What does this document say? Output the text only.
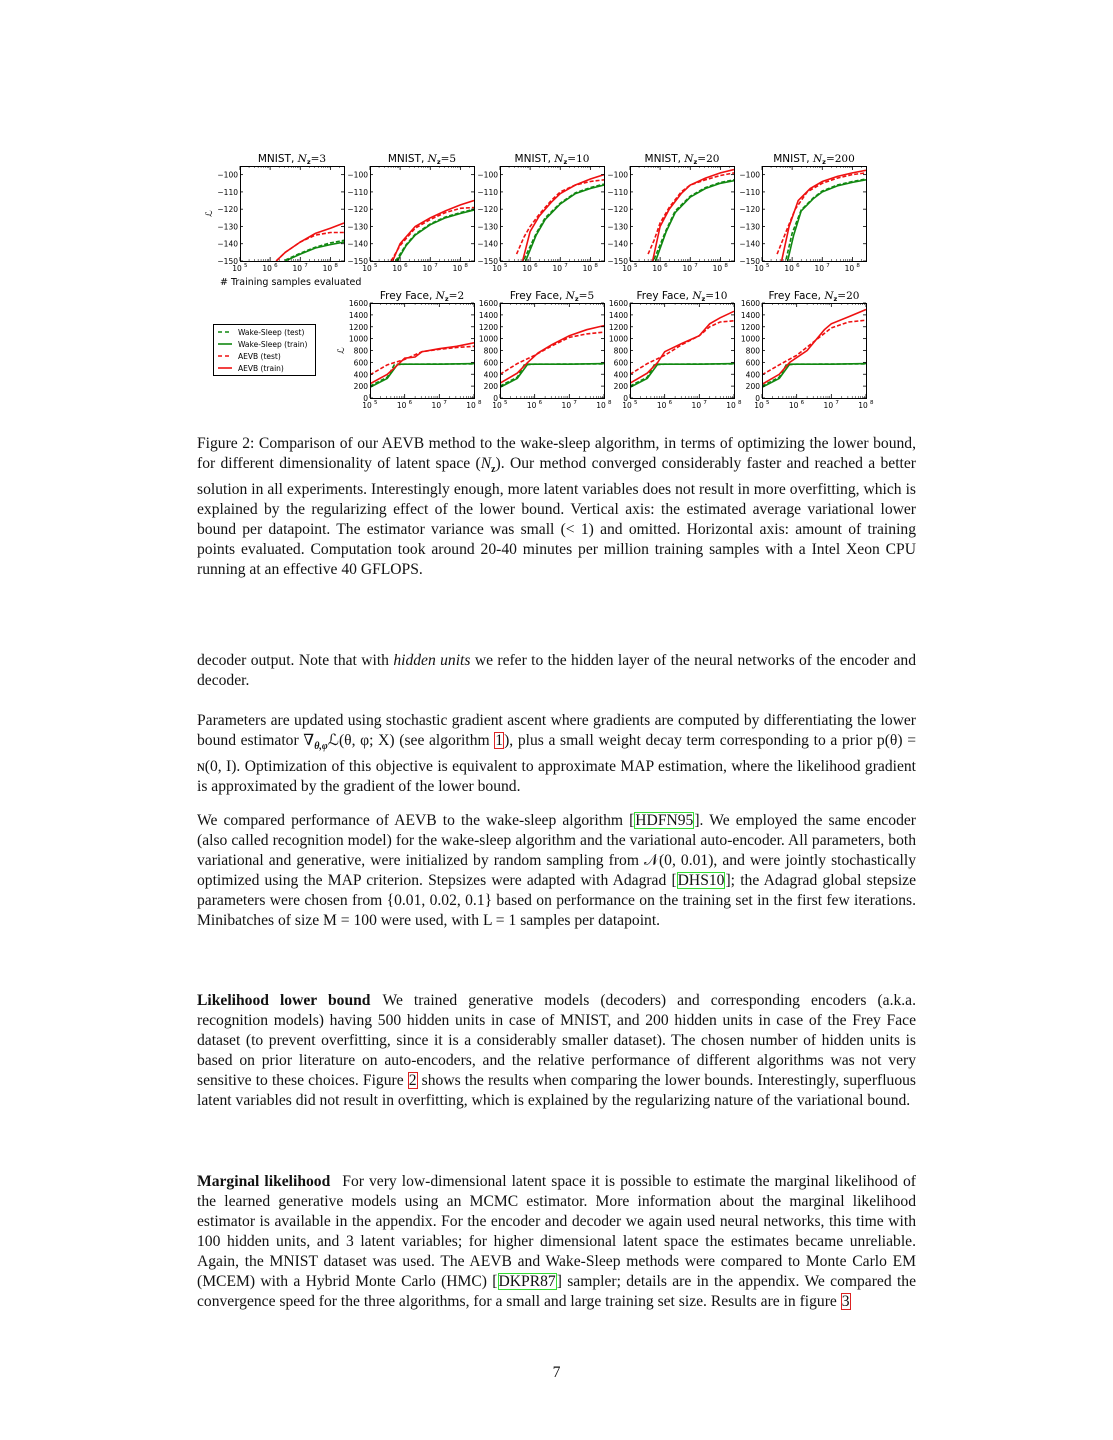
MNIST, Nz=3
−100
−110
−120
−130
−140
−150
10 5 10 6 10 7 10 8
ℒ
MNIST, Nz=5
−100
−110
−120
−130
−140
−150
10 5 10 6 10 7 10 8
MNIST, Nz=10
−100
−110
−120
−130
−140
−150
10 5 10 6 10 7 10 8
MNIST, Nz=20
−100
−110
−120
−130
−140
−150
10 5 10 6 10 7 10 8
MNIST, Nz=200
−100
−110
−120
−130
−140
−150
10 5 10 6 10 7 10 8
Frey Face, Nz=2
1600
1400
1200
1000
800
600
400
200
0
10 5	10 6	10 7	10 8
ℒ
Frey Face, Nz=5
1600
1400
1200
1000
800
600
400
200
0
10 5	10 6	10 7	10 8
Frey Face, Nz=10
1600
1400
1200
1000
800
600
400
200
0
10 5	10 6	10 7	10 8
Frey Face, Nz=20
1600
1400
1200
1000
800
600
400
200
0
10 5	10 6	10 7	10 8
Wake-Sleep (test)
Wake-Sleep (train)
AEVB (test)
AEVB (train)
# Training samples evaluated

Figure 2: Comparison of our AEVB method to the wake-sleep algorithm, in terms of optimizing the lower bound, for different dimensionality of latent space $(N_z)$. Our method converged considerably faster and reached a better solution in all experiments. Interestingly enough, more latent variables does not result in more overfitting, which is explained by the regularizing effect of the lower bound. Vertical axis: the estimated average variational lower bound per datapoint. The estimator variance was small (< 1) and omitted. Horizontal axis: amount of training points evaluated. Computation took around 20-40 minutes per million training samples with a Intel Xeon CPU running at an effective 40 GFLOPS.

decoder output. Note that with hidden units we refer to the hidden layer of the neural networks of the encoder and decoder.

Parameters are updated using stochastic gradient ascent where gradients are computed by differentiating the lower bound estimator $\nabla_{\theta,\varphi}ℒ(\theta$, φ; X) (see algorithm 1), plus a small weight decay term corresponding to a prior p(θ) = ɴ(0, I). Optimization of this objective is equivalent to approximate MAP estimation, where the likelihood gradient is approximated by the gradient of the lower bound.

We compared performance of AEVB to the wake-sleep algorithm [HDFN95]. We employed the same encoder (also called recognition model) for the wake-sleep algorithm and the variational auto-encoder. All parameters, both variational and generative, were initialized by random sampling from 𝒩(0, 0.01), and were jointly stochastically optimized using the MAP criterion. Stepsizes were adapted with Adagrad [DHS10]; the Adagrad global stepsize parameters were chosen from {0.01, 0.02, 0.1} based on performance on the training set in the first few iterations. Minibatches of size M = 100 were used, with L = 1 samples per datapoint.

Likelihood lower bound We trained generative models (decoders) and corresponding encoders (a.k.a. recognition models) having 500 hidden units in case of MNIST, and 200 hidden units in case of the Frey Face dataset (to prevent overfitting, since it is a considerably smaller dataset). The chosen number of hidden units is based on prior literature on auto-encoders, and the relative performance of different algorithms was not very sensitive to these choices. Figure 2 shows the results when comparing the lower bounds. Interestingly, superfluous latent variables did not result in overfitting, which is explained by the regularizing nature of the variational bound.

Marginal likelihood For very low-dimensional latent space it is possible to estimate the marginal likelihood of the learned generative models using an MCMC estimator. More information about the marginal likelihood estimator is available in the appendix. For the encoder and decoder we again used neural networks, this time with 100 hidden units, and 3 latent variables; for higher dimensional latent space the estimates became unreliable. Again, the MNIST dataset was used. The AEVB and Wake-Sleep methods were compared to Monte Carlo EM (MCEM) with a Hybrid Monte Carlo (HMC) [DKPR87] sampler; details are in the appendix. We compared the convergence speed for the three algorithms, for a small and large training set size. Results are in figure 3

7
